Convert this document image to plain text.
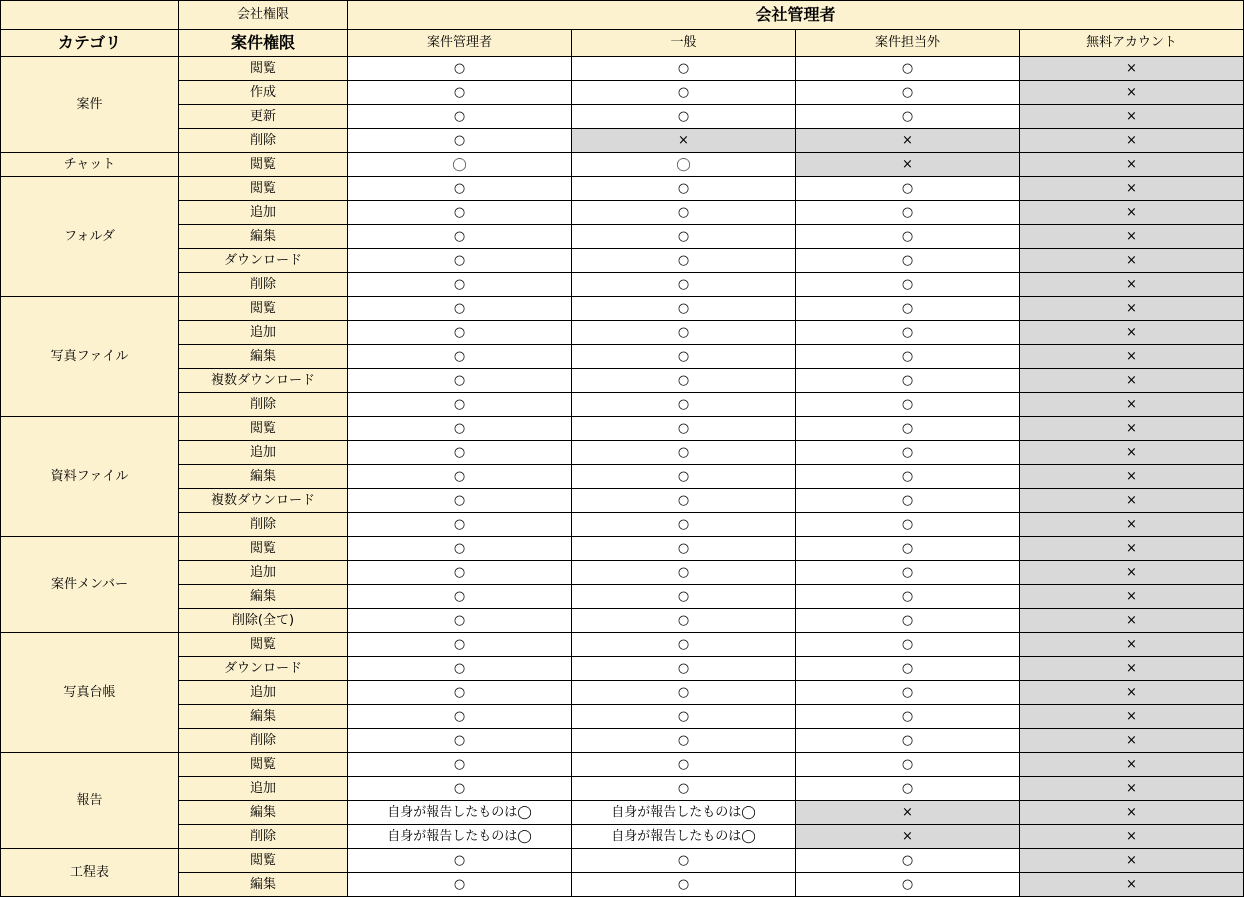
	会社権限	会社管理者			
カテゴリ	案件権限	案件管理者	一般	案件担当外	無料アカウント
案件	閲覧	○	○	○	×
	作成	○	○	○	×
	更新	○	○	○	×
	削除	○	×	×	×
チャット	閲覧	◯	◯	×	×
フォルダ	閲覧	○	○	○	×
	追加	○	○	○	×
	編集	○	○	○	×
	ダウンロード	○	○	○	×
	削除	○	○	○	×
写真ファイル	閲覧	○	○	○	×
	追加	○	○	○	×
	編集	○	○	○	×
	複数ダウンロード	○	○	○	×
	削除	○	○	○	×
資料ファイル	閲覧	○	○	○	×
	追加	○	○	○	×
	編集	○	○	○	×
	複数ダウンロード	○	○	○	×
	削除	○	○	○	×
案件メンバー	閲覧	○	○	○	×
	追加	○	○	○	×
	編集	○	○	○	×
	削除(全て)	○	○	○	×
写真台帳	閲覧	○	○	○	×
	ダウンロード	○	○	○	×
	追加	○	○	○	×
	編集	○	○	○	×
	削除	○	○	○	×
報告	閲覧	○	○	○	×
	追加	○	○	○	×
	編集	自身が報告したものは◯	自身が報告したものは◯	×	×
	削除	自身が報告したものは◯	自身が報告したものは◯	×	×
工程表	閲覧	○	○	○	×
	編集	○	○	○	×
